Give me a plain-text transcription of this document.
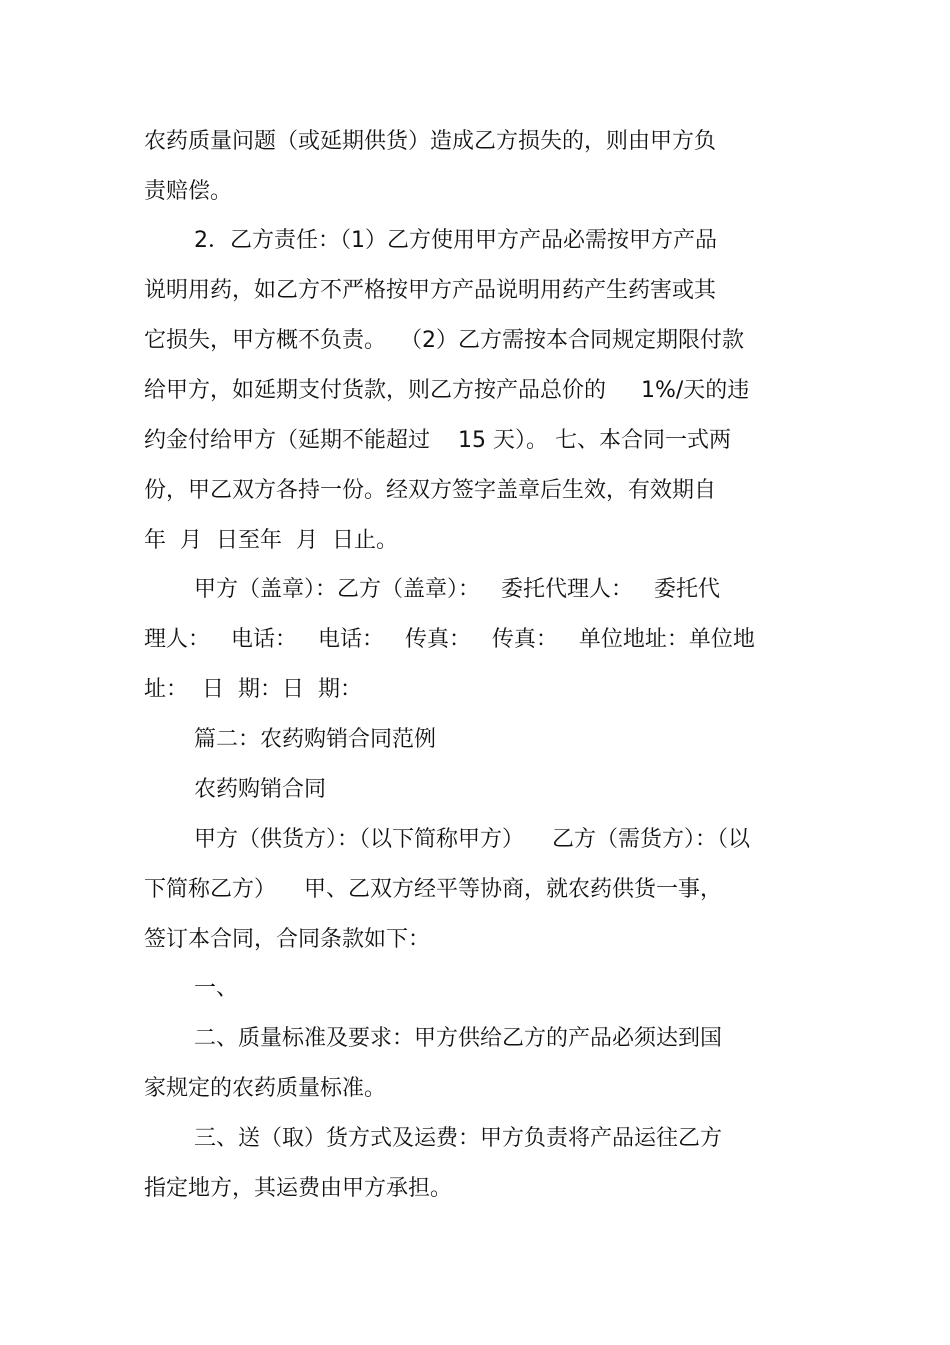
农药质量问题（或延期供货）造成乙方损失的，则由甲方负
责赔偿。
2．乙方责任：（1）乙方使用甲方产品必需按甲方产品
说明用药，如乙方不严格按甲方产品说明用药产生药害或其
它损失，甲方概不负责。  （2）乙方需按本合同规定期限付款
给甲方，如延期支付货款，则乙方按产品总价的     1%/天的违
约金付给甲方（延期不能超过    15 天）。 七、本合同一式两
份，甲乙双方各持一份。经双方签字盖章后生效，有效期自
年  月  日至年  月  日止。
甲方（盖章）：乙方（盖章）：   委托代理人：   委托代
理人：   电话：   电话：   传真：   传真：   单位地址：单位地
址：  日  期：日  期：
篇二：农药购销合同范例
农药购销合同
甲方（供货方）：（以下简称甲方）    乙方（需货方）：（以
下简称乙方）    甲、乙双方经平等协商，就农药供货一事，
签订本合同，合同条款如下：
一、
二、质量标准及要求：甲方供给乙方的产品必须达到国
家规定的农药质量标准。
三、送（取）货方式及运费：甲方负责将产品运往乙方
指定地方，其运费由甲方承担。
